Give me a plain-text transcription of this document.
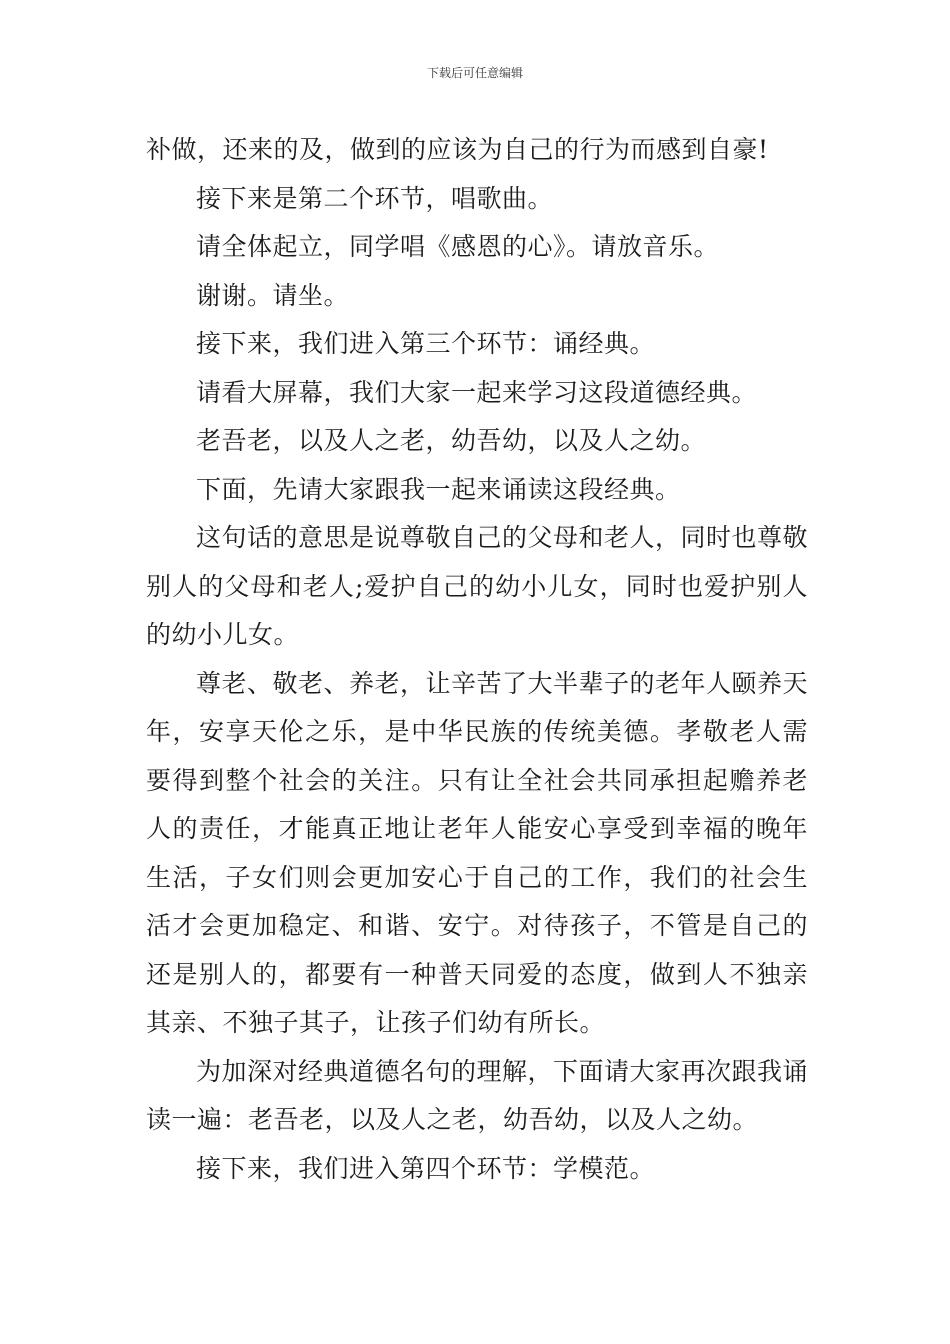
下载后可任意编辑

补做，还来的及，做到的应该为自己的行为而感到自豪!

接下来是第二个环节，唱歌曲。

请全体起立，同学唱《感恩的心》。请放音乐。

谢谢。请坐。

接下来，我们进入第三个环节：诵经典。

请看大屏幕，我们大家一起来学习这段道德经典。

老吾老，以及人之老，幼吾幼，以及人之幼。

下面，先请大家跟我一起来诵读这段经典。

这句话的意思是说尊敬自己的父母和老人，同时也尊敬别人的父母和老人;爱护自己的幼小儿女，同时也爱护别人的幼小儿女。

尊老、敬老、养老，让辛苦了大半辈子的老年人颐养天年，安享天伦之乐，是中华民族的传统美德。孝敬老人需要得到整个社会的关注。只有让全社会共同承担起赡养老人的责任，才能真正地让老年人能安心享受到幸福的晚年生活，子女们则会更加安心于自己的工作，我们的社会生活才会更加稳定、和谐、安宁。对待孩子，不管是自己的还是别人的，都要有一种普天同爱的态度，做到人不独亲其亲、不独子其子，让孩子们幼有所长。

为加深对经典道德名句的理解，下面请大家再次跟我诵读一遍：老吾老，以及人之老，幼吾幼，以及人之幼。

接下来，我们进入第四个环节：学模范。
